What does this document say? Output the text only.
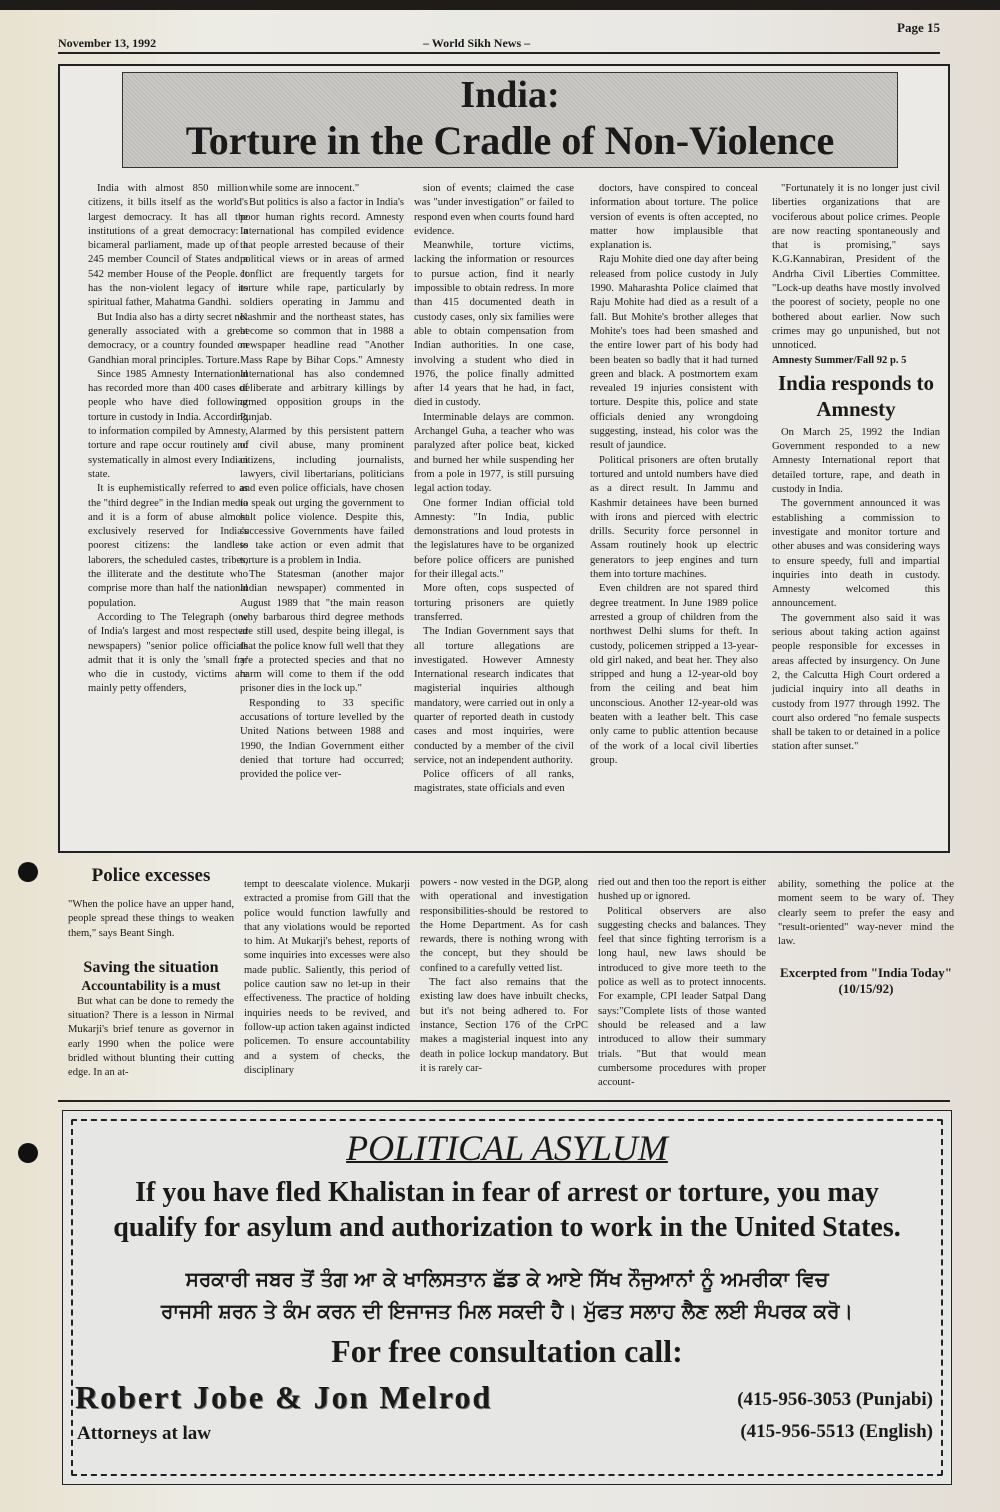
November 13, 1992	– World Sikh News –
Page 15
India:
Torture in the Cradle of Non-Violence

India with almost 850 million citizens, it bills itself as the world's largest democracy. It has all the institutions of a great democracy: a bicameral parliament, made up of a 245 member Council of States and a 542 member House of the People. It has the non-violent legacy of its spiritual father, Mahatma Gandhi.

But India also has a dirty secret not generally associated with a great democracy, or a country founded on Gandhian moral principles. Torture.

Since 1985 Amnesty International has recorded more than 400 cases of people who have died following torture in custody in India. According to information compiled by Amnesty, torture and rape occur routinely and systematically in almost every Indian state.

It is euphemistically referred to as the "third degree" in the Indian media and it is a form of abuse almost exclusively reserved for India's poorest citizens: the landless laborers, the scheduled castes, tribes, the illiterate and the destitute who comprise more than half the national population.

According to The Telegraph (one of India's largest and most respected newspapers) "senior police officials admit that it is only the 'small fry' who die in custody, victims are mainly petty offenders,

while some are innocent."

But politics is also a factor in India's poor human rights record. Amnesty International has compiled evidence that people arrested because of their political views or in areas of armed conflict are frequently targets for torture while rape, particularly by soldiers operating in Jammu and Kashmir and the northeast states, has become so common that in 1988 a newspaper headline read "Another Mass Rape by Bihar Cops." Amnesty International has also condemned deliberate and arbitrary killings by armed opposition groups in the Punjab.

Alarmed by this persistent pattern of civil abuse, many prominent citizens, including journalists, lawyers, civil libertarians, politicians and even police officials, have chosen to speak out urging the government to halt police violence. Despite this, successive Governments have failed to take action or even admit that torture is a problem in India.

The Statesman (another major Indian newspaper) commented in August 1989 that "the main reason why barbarous third degree methods are still used, despite being illegal, is that the police know full well that they are a protected species and that no harm will come to them if the odd prisoner dies in the lock up."

Responding to 33 specific accusations of torture levelled by the United Nations between 1988 and 1990, the Indian Government either denied that torture had occurred; provided the police ver-

sion of events; claimed the case was "under investigation" or failed to respond even when courts found hard evidence.

Meanwhile, torture victims, lacking the information or resources to pursue action, find it nearly impossible to obtain redress. In more than 415 documented death in custody cases, only six families were able to obtain compensation from Indian authorities. In one case, involving a student who died in 1976, the police finally admitted after 14 years that he had, in fact, died in custody.

Interminable delays are common. Archangel Guha, a teacher who was paralyzed after police beat, kicked and burned her while suspending her from a pole in 1977, is still pursuing legal action today.

One former Indian official told Amnesty: "In India, public demonstrations and loud protests in the legislatures have to be organized before police officers are punished for their illegal acts."

More often, cops suspected of torturing prisoners are quietly transferred.

The Indian Government says that all torture allegations are investigated. However Amnesty International research indicates that magisterial inquiries although mandatory, were carried out in only a quarter of reported death in custody cases and most inquiries, were conducted by a member of the civil service, not an independent authority.

Police officers of all ranks, magistrates, state officials and even

doctors, have conspired to conceal information about torture. The police version of events is often accepted, no matter how implausible that explanation is.

Raju Mohite died one day after being released from police custody in July 1990. Maharashta Police claimed that Raju Mohite had died as a result of a fall. But Mohite's brother alleges that Mohite's toes had been smashed and the entire lower part of his body had been beaten so badly that it had turned green and black. A postmortem exam revealed 19 injuries consistent with torture. Despite this, police and state officials denied any wrongdoing suggesting, instead, his color was the result of jaundice.

Political prisoners are often brutally tortured and untold numbers have died as a direct result. In Jammu and Kashmir detainees have been burned with irons and pierced with electric drills. Security force personnel in Assam routinely hook up electric generators to jeep engines and turn them into torture machines.

Even children are not spared third degree treatment. In June 1989 police arrested a group of children from the northwest Delhi slums for theft. In custody, policemen stripped a 13-year-old girl naked, and beat her. They also stripped and hung a 12-year-old boy from the ceiling and beat him unconscious. Another 12-year-old was beaten with a leather belt. This case only came to public attention because of the work of a local civil liberties group.

"Fortunately it is no longer just civil liberties organizations that are vociferous about police crimes. People are now reacting spontaneously and that is promising," says K.G.Kannabiran, President of the Andrha Civil Liberties Committee. "Lock-up deaths have mostly involved the poorest of society, people no one bothered about earlier. Now such crimes may go unpunished, but not unnoticed.

Amnesty Summer/Fall 92 p. 5

India responds to Amnesty

On March 25, 1992 the Indian Government responded to a new Amnesty International report that detailed torture, rape, and death in custody in India.

The government announced it was establishing a commission to investigate and monitor torture and other abuses and was considering ways to ensure speedy, full and impartial inquiries into death in custody. Amnesty welcomed this announcement.

The government also said it was serious about taking action against people responsible for excesses in areas affected by insurgency. On June 2, the Calcutta High Court ordered a judicial inquiry into all deaths in custody from 1977 through 1992. The court also ordered "no female suspects shall be taken to or detained in a police station after sunset."

Police excesses

"When the police have an upper hand, people spread these things to weaken them," says Beant Singh.

Saving the situation

Accountability is a must

But what can be done to remedy the situation? There is a lesson in Nirmal Mukarji's brief tenure as governor in early 1990 when the police were bridled without blunting their cutting edge. In an at-

tempt to deescalate violence. Mukarji extracted a promise from Gill that the police would function lawfully and that any violations would be reported to him. At Mukarji's behest, reports of some inquiries into excesses were also made public. Saliently, this period of police caution saw no let-up in their effectiveness. The practice of holding inquiries needs to be revived, and follow-up action taken against indicted policemen. To ensure accountability and a system of checks, the disciplinary

powers - now vested in the DGP, along with operational and investigation responsibilities-should be restored to the Home Department. As for cash rewards, there is nothing wrong with the concept, but they should be confined to a carefully vetted list.

The fact also remains that the existing law does have inbuilt checks, but it's not being adhered to. For instance, Section 176 of the CrPC makes a magisterial inquest into any death in police lockup mandatory. But it is rarely car-

ried out and then too the report is either hushed up or ignored.

Political observers are also suggesting checks and balances. They feel that since fighting terrorism is a long haul, new laws should be introduced to give more teeth to the police as well as to protect innocents. For example, CPI leader Satpal Dang says:"Complete lists of those wanted should be released and a law introduced to allow their summary trials. "But that would mean cumbersome procedures with proper account-

ability, something the police at the moment seem to be wary of. They clearly seem to prefer the easy and "result-oriented" way-never mind the law.

Excerpted from "India Today" (10/15/92)

POLITICAL ASYLUM
If you have fled Khalistan in fear of arrest or torture, you may
qualify for asylum and authorization to work in the United States.
ਸਰਕਾਰੀ ਜਬਰ ਤੋਂ ਤੰਗ ਆ ਕੇ ਖਾਲਿਸਤਾਨ ਛੱਡ ਕੇ ਆਏ ਸਿੱਖ ਨੌਜੁਆਨਾਂ ਨੂੰ ਅਮਰੀਕਾ ਵਿਚ
ਰਾਜਸੀ ਸ਼ਰਨ ਤੇ ਕੰਮ ਕਰਨ ਦੀ ਇਜਾਜਤ ਮਿਲ ਸਕਦੀ ਹੈ। ਮੁੱਫਤ ਸਲਾਹ ਲੈਣ ਲਈ ਸੰਪਰਕ ਕਰੋ।
For free consultation call:
Robert Jobe & Jon Melrod
Attorneys at law
(415-956-3053 (Punjabi)
(415-956-5513 (English)
